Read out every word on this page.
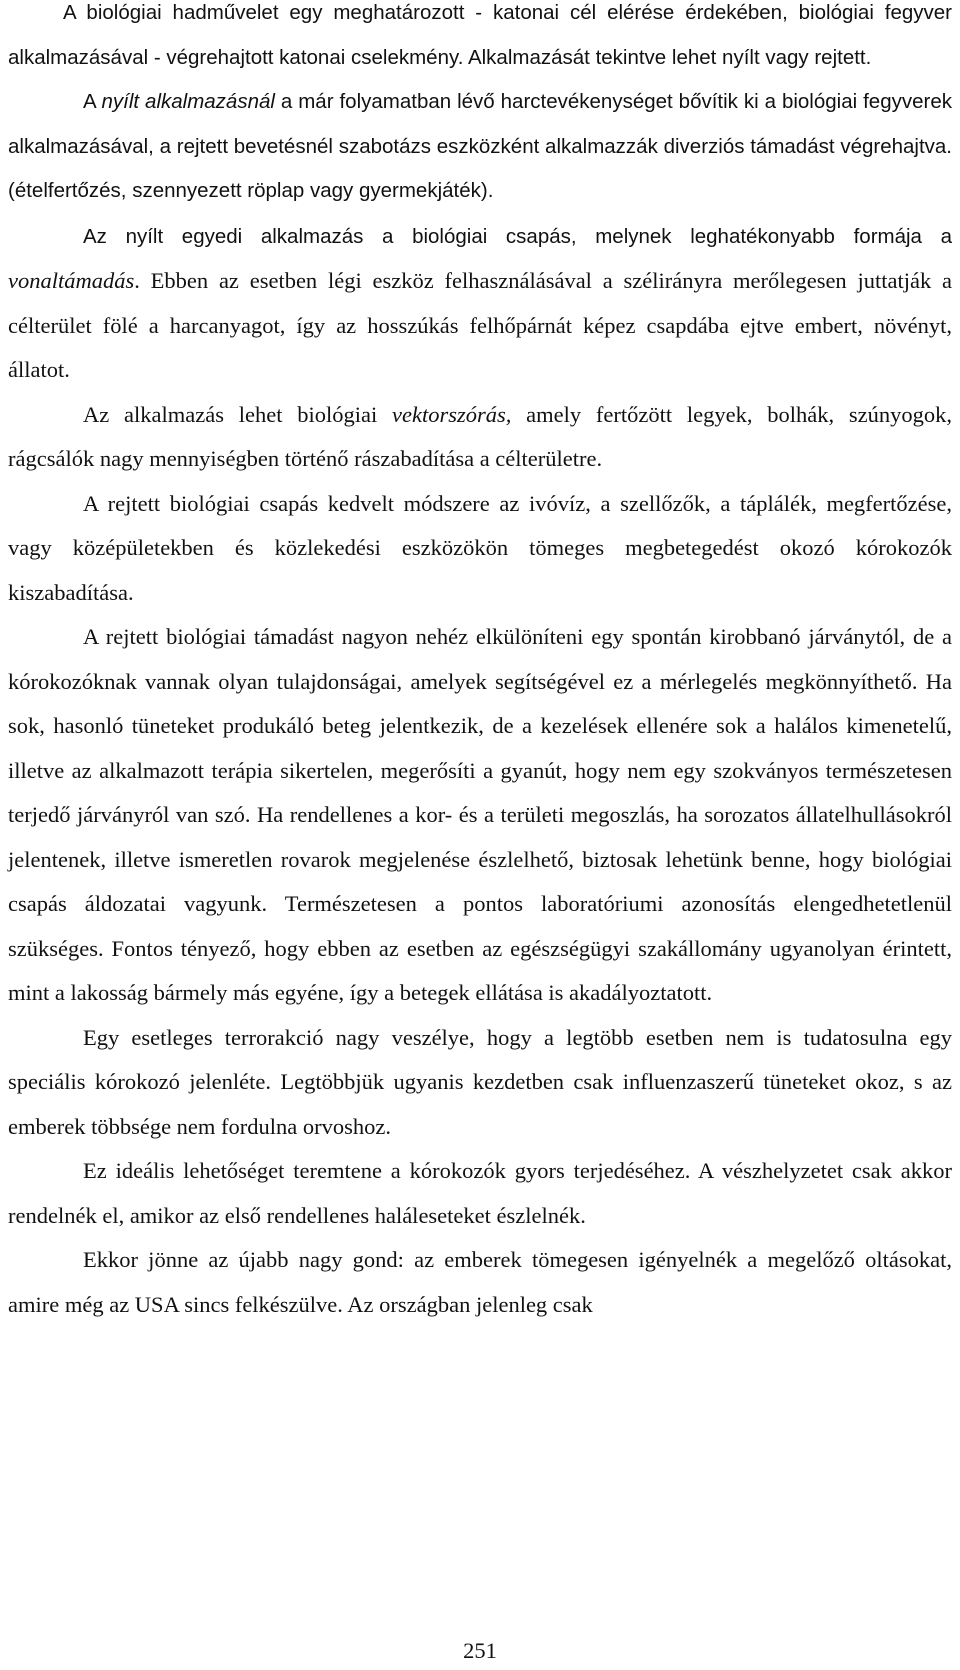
A biológiai hadművelet egy meghatározott - katonai cél elérése érdekében, biológiai fegyver alkalmazásával - végrehajtott katonai cselekmény. Alkalmazását tekintve lehet nyílt vagy rejtett.

A nyílt alkalmazásnál a már folyamatban lévő harctevékenységet bővítik ki a biológiai fegyverek alkalmazásával, a rejtett bevetésnél szabotázs eszközként alkalmazzák diverziós támadást végrehajtva.(ételfertőzés, szennyezett röplap vagy gyermekjáték).

Az nyílt egyedi alkalmazás a biológiai csapás, melynek leghatékonyabb formája a vonaltámadás. Ebben az esetben légi eszköz felhasználásával a szélirányra merőlegesen juttatják a célterület fölé a harcanyagot, így az hosszúkás felhőpárnát képez csapdába ejtve embert, növényt, állatot.

Az alkalmazás lehet biológiai vektorszórás, amely fertőzött legyek, bolhák, szúnyogok, rágcsálók nagy mennyiségben történő rászabadítása a célterületre.

A rejtett biológiai csapás kedvelt módszere az ivóvíz, a szellőzők, a táplálék, megfertőzése, vagy középületekben és közlekedési eszközökön tömeges megbetegedést okozó kórokozók kiszabadítása.

A rejtett biológiai támadást nagyon nehéz elkülöníteni egy spontán kirobbanó járványtól, de a kórokozóknak vannak olyan tulajdonságai, amelyek segítségével ez a mérlegelés megkönnyíthető. Ha sok, hasonló tüneteket produkáló beteg jelentkezik, de a kezelések ellenére sok a halálos kimenetelű, illetve az alkalmazott terápia sikertelen, megerősíti a gyanút, hogy nem egy szokványos természetesen terjedő járványról van szó. Ha rendellenes a kor- és a területi megoszlás, ha sorozatos állatelhullásokról jelentenek, illetve ismeretlen rovarok megjelenése észlelhető, biztosak lehetünk benne, hogy biológiai csapás áldozatai vagyunk. Természetesen a pontos laboratóriumi azonosítás elengedhetetlenül szükséges. Fontos tényező, hogy ebben az esetben az egészségügyi szakállomány ugyanolyan érintett, mint a lakosság bármely más egyéne, így a betegek ellátása is akadályoztatott.

Egy esetleges terrorakció nagy veszélye, hogy a legtöbb esetben nem is tudatosulna egy speciális kórokozó jelenléte. Legtöbbjük ugyanis kezdetben csak influenzaszerű tüneteket okoz, s az emberek többsége nem fordulna orvoshoz.

Ez ideális lehetőséget teremtene a kórokozók gyors terjedéséhez. A vészhelyzetet csak akkor rendelnék el, amikor az első rendellenes haláleseteket észlelnék.

Ekkor jönne az újabb nagy gond: az emberek tömegesen igényelnék a megelőző oltásokat, amire még az USA sincs felkészülve. Az országban jelenleg csak

251
